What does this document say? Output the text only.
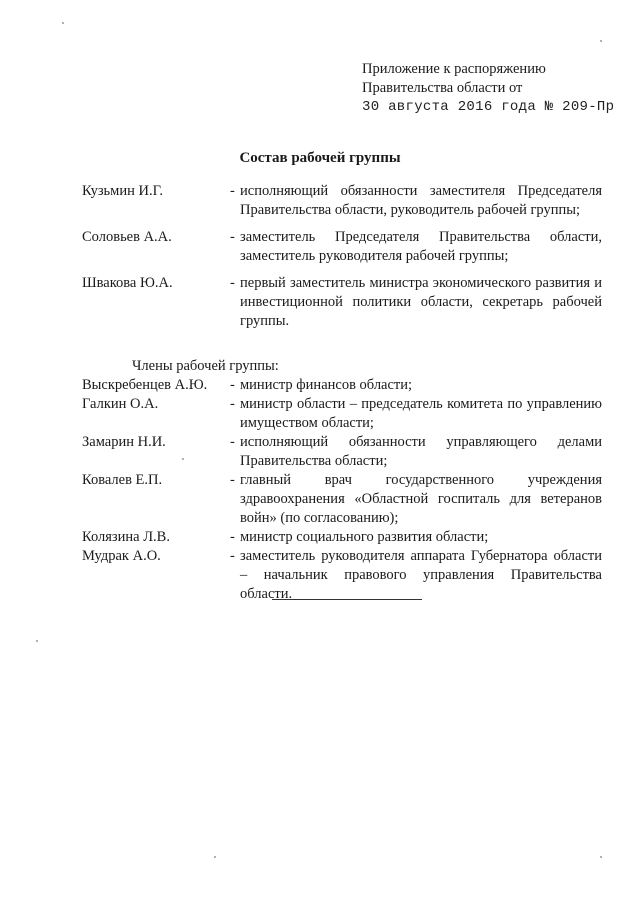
Приложение к распоряжению
Правительства области от
30 августа 2016 года № 209-Пр
Состав рабочей группы
Кузьмин И.Г.	- исполняющий обязанности заместителя Председателя Правительства области, руководитель рабочей группы;
Соловьев А.А.	- заместитель Председателя Правительства области, заместитель руководителя рабочей группы;
Швакова Ю.А.	- первый заместитель министра экономического развития и инвестиционной политики области, секретарь рабочей группы.
Члены рабочей группы:
Выскребенцев А.Ю.	- министр финансов области;
Галкин О.А.	- министр области – председатель комитета по управлению имуществом области;
Замарин Н.И.	- исполняющий обязанности управляющего делами Правительства области;
Ковалев Е.П.	- главный врач государственного учреждения здравоохранения «Областной госпиталь для ветеранов войн» (по согласованию);
Колязина Л.В.	- министр социального развития области;
Мудрак А.О.	- заместитель руководителя аппарата Губернатора области – начальник правового управления Правительства области.
